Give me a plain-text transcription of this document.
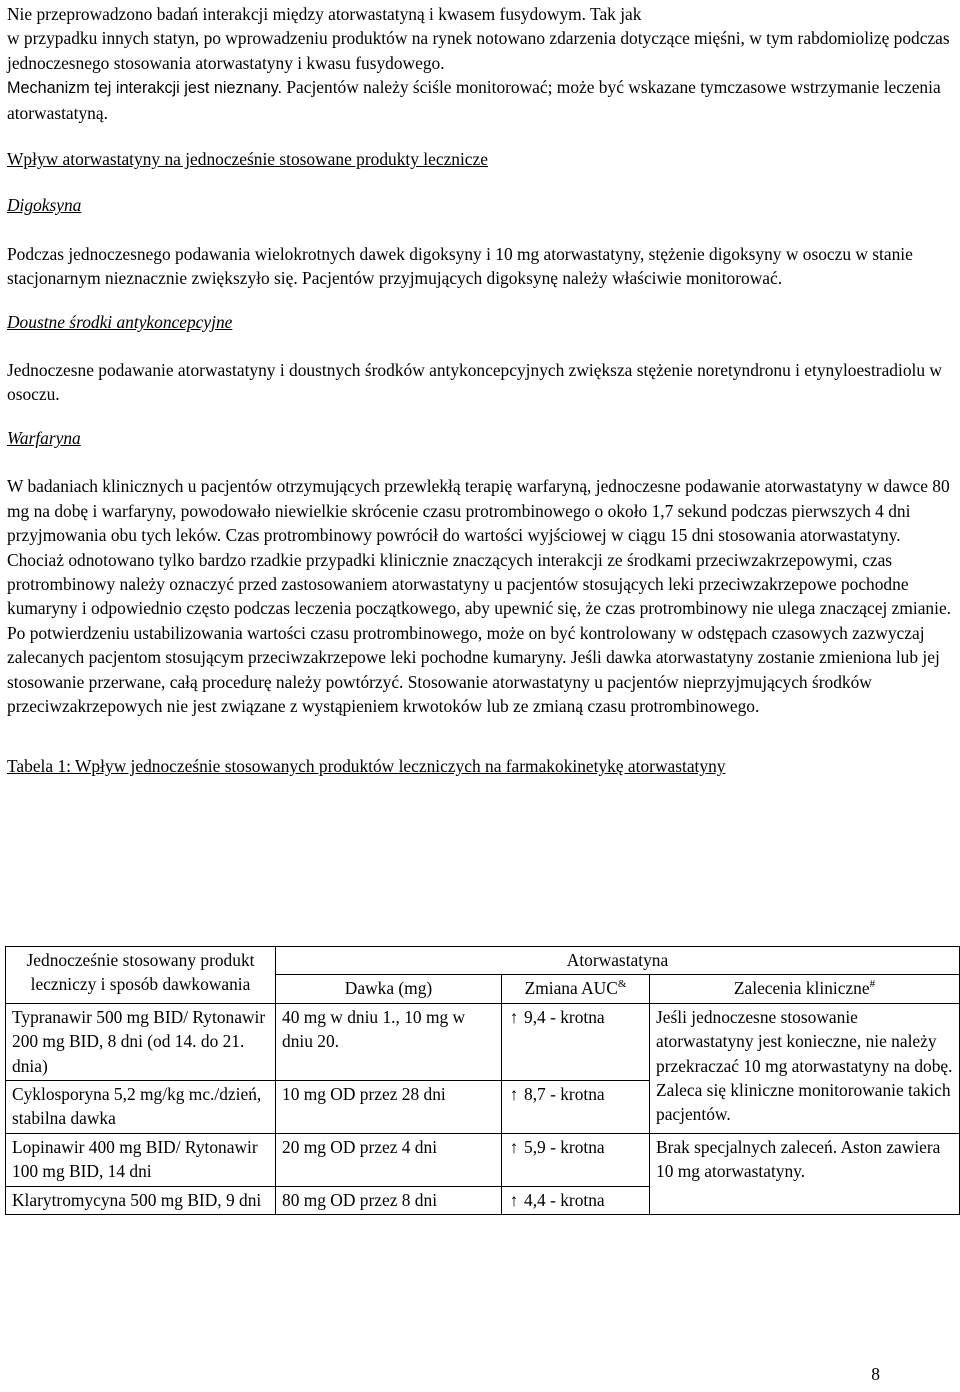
Nie przeprowadzono badań interakcji między atorwastatyną i kwasem fusydowym. Tak jak
w przypadku innych statyn, po wprowadzeniu produktów na rynek notowano zdarzenia dotyczące mięśni, w tym rabdomiolizę podczas jednoczesnego stosowania atorwastatyny i kwasu fusydowego.
Mechanizm tej interakcji jest nieznany. Pacjentów należy ściśle monitorować; może być wskazane tymczasowe wstrzymanie leczenia atorwastatyną.

Wpływ atorwastatyny na jednocześnie stosowane produkty lecznicze

Digoksyna

Podczas jednoczesnego podawania wielokrotnych dawek digoksyny i 10 mg atorwastatyny, stężenie digoksyny w osoczu w stanie stacjonarnym nieznacznie zwiększyło się. Pacjentów przyjmujących digoksynę należy właściwie monitorować.

Doustne środki antykoncepcyjne

Jednoczesne podawanie atorwastatyny i doustnych środków antykoncepcyjnych zwiększa stężenie noretyndronu i etynyloestradiolu w osoczu.

Warfaryna

W badaniach klinicznych u pacjentów otrzymujących przewlekłą terapię warfaryną, jednoczesne podawanie atorwastatyny w dawce 80 mg na dobę i warfaryny, powodowało niewielkie skrócenie czasu protrombinowego o około 1,7 sekund podczas pierwszych 4 dni przyjmowania obu tych leków. Czas protrombinowy powrócił do wartości wyjściowej w ciągu 15 dni stosowania atorwastatyny. Chociaż odnotowano tylko bardzo rzadkie przypadki klinicznie znaczących interakcji ze środkami przeciwzakrzepowymi, czas protrombinowy należy oznaczyć przed zastosowaniem atorwastatyny u pacjentów stosujących leki przeciwzakrzepowe pochodne kumaryny i odpowiednio często podczas leczenia początkowego, aby upewnić się, że czas protrombinowy nie ulega znaczącej zmianie. Po potwierdzeniu ustabilizowania wartości czasu protrombinowego, może on być kontrolowany w odstępach czasowych zazwyczaj zalecanych pacjentom stosującym przeciwzakrzepowe leki pochodne kumaryny. Jeśli dawka atorwastatyny zostanie zmieniona lub jej stosowanie przerwane, całą procedurę należy powtórzyć. Stosowanie atorwastatyny u pacjentów nieprzyjmujących środków przeciwzakrzepowych nie jest związane z wystąpieniem krwotoków lub ze zmianą czasu protrombinowego.

Tabela 1: Wpływ jednocześnie stosowanych produktów leczniczych na farmakokinetykę atorwastatyny

Jednocześnie stosowany produkt leczniczy i sposób dawkowania	Atorwastatyna		
	Dawka (mg)	Zmiana AUC&	Zalecenia kliniczne#
Typranawir 500 mg BID/ Rytonawir 200 mg BID, 8 dni (od 14. do 21. dnia)	40 mg w dniu 1., 10 mg w dniu 20.	↑ 9,4 - krotna	Jeśli jednoczesne stosowanie atorwastatyny jest konieczne, nie należy przekraczać 10 mg atorwastatyny na dobę. Zaleca się kliniczne monitorowanie takich pacjentów.
Cyklosporyna 5,2 mg/kg mc./dzień, stabilna dawka	10 mg OD przez 28 dni	↑ 8,7 - krotna	
Lopinawir 400 mg BID/ Rytonawir 100 mg BID, 14 dni	20 mg OD przez 4 dni	↑ 5,9 - krotna	Brak specjalnych zaleceń. Aston zawiera 10 mg atorwastatyny.
Klarytromycyna 500 mg BID, 9 dni	80 mg OD przez 8 dni	↑ 4,4 - krotna	
8
